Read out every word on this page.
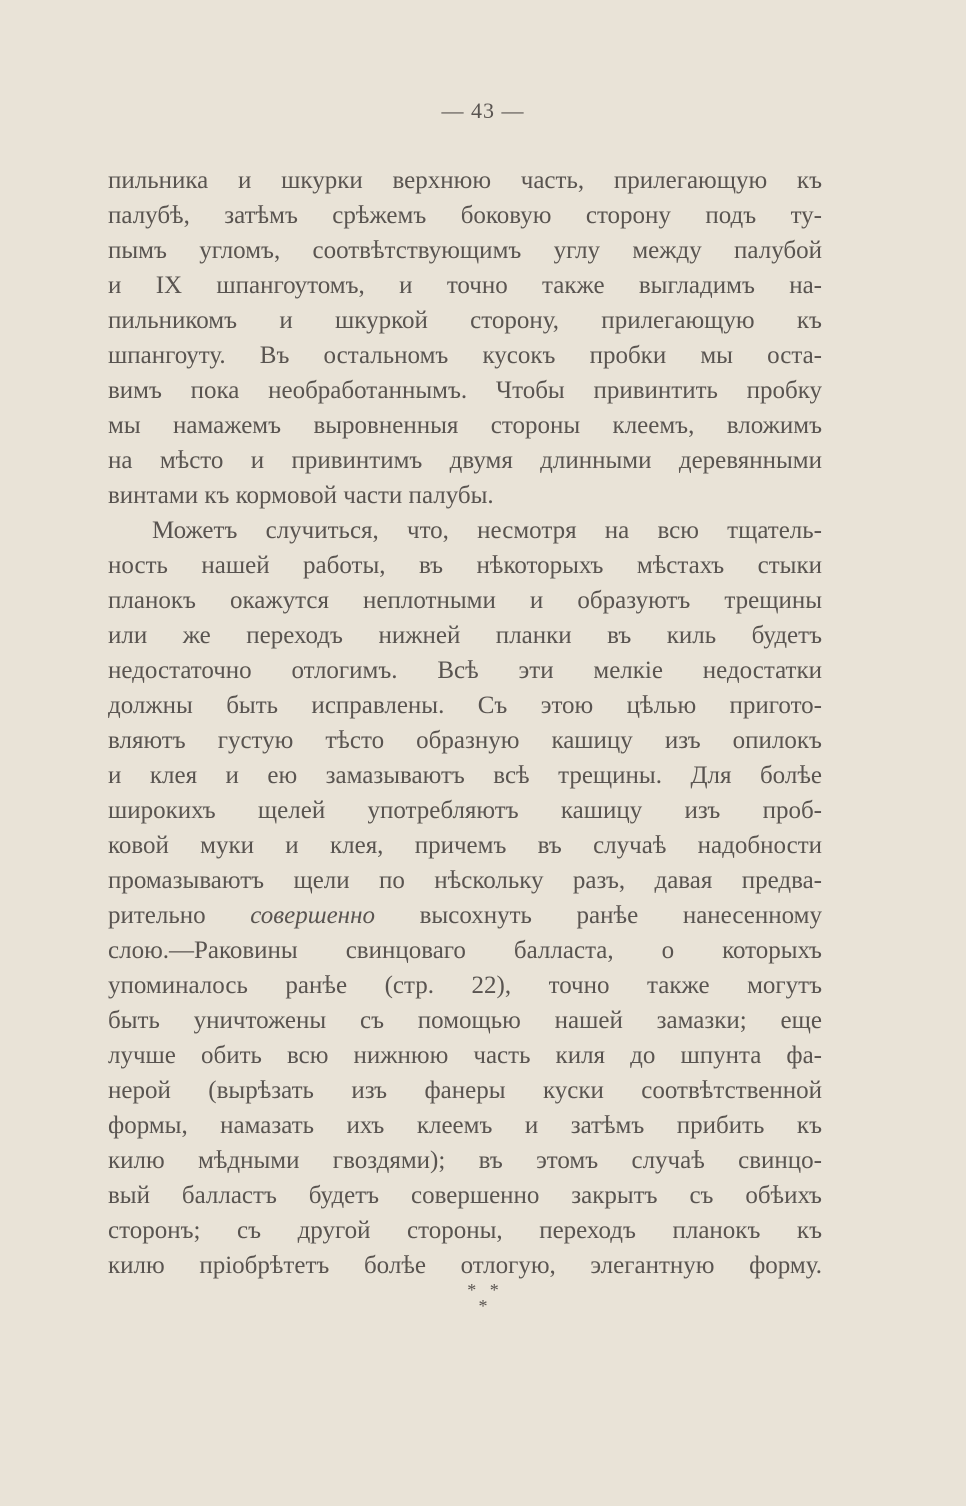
— 43 —
пильника и шкурки верхнюю часть, прилегающую къ
палубѣ, затѣмъ срѣжемъ боковую сторону подъ ту-
пымъ угломъ, соотвѣтствующимъ углу между палубой
и IX шпангоутомъ, и точно также выгладимъ на-
пильникомъ и шкуркой сторону, прилегающую къ
шпангоуту. Въ остальномъ кусокъ пробки мы оста-
вимъ пока необработаннымъ. Чтобы привинтить пробку
мы намажемъ выровненныя стороны клеемъ, вложимъ
на мѣсто и привинтимъ двумя длинными деревянными
винтами къ кормовой части палубы.
Можетъ случиться, что, несмотря на всю тщатель-
ность нашей работы, въ нѣкоторыхъ мѣстахъ стыки
планокъ окажутся неплотными и образуютъ трещины
или же переходъ нижней планки въ киль будетъ
недостаточно отлогимъ. Всѣ эти мелкіе недостатки
должны быть исправлены. Съ этою цѣлью пригото-
вляютъ густую тѣсто образную кашицу изъ опилокъ
и клея и ею замазываютъ всѣ трещины. Для болѣе
широкихъ щелей употребляютъ кашицу изъ проб-
ковой муки и клея, причемъ въ случаѣ надобности
промазываютъ щели по нѣскольку разъ, давая предва-
рительно совершенно высохнуть ранѣе нанесенному
слою.—Раковины свинцоваго балласта, о которыхъ
упоминалось ранѣе (стр. 22), точно также могутъ
быть уничтожены съ помощью нашей замазки; еще
лучше обить всю нижнюю часть киля до шпунта фа-
нерой (вырѣзать изъ фанеры куски соотвѣтственной
формы, намазать ихъ клеемъ и затѣмъ прибить къ
килю мѣдными гвоздями); въ этомъ случаѣ свинцо-
вый балластъ будетъ совершенно закрытъ съ обѣихъ
сторонъ; съ другой стороны, переходъ планокъ къ
килю пріобрѣтетъ болѣе отлогую, элегантную форму.
*   *
*
